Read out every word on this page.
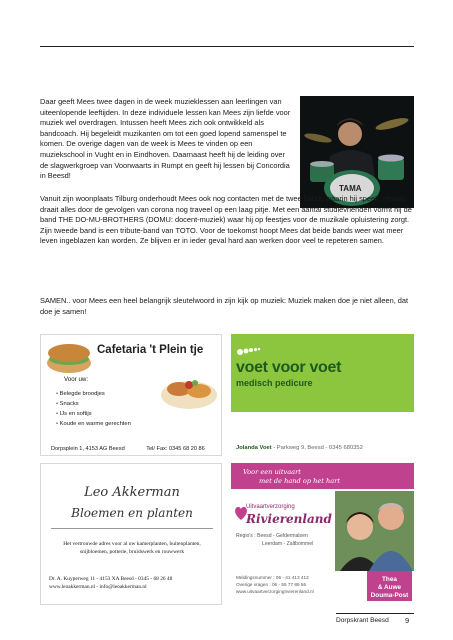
Daar geeft Mees twee dagen in de week muzieklessen aan leerlingen van uiteenlopende leeftijden. In deze individuele lessen kan Mees zijn liefde voor muziek wel overdragen. Intussen heeft Mees zich ook ontwikkeld als bandcoach. Hij begeleidt muzikanten om tot een goed lopend samenspel te komen. De overige dagen van de week is Mees te vinden op een muziekschool in Vught en in Eindhoven. Daarnaast heeft hij de leiding over de slagwerkgroep van Voorwaarts in Rumpt en geeft hij lessen bij Concordia in Beesd!

TAMA

Vanuit zijn woonplaats Tilburg onderhoudt Mees ook nog contacten met de twee bands waarin hij speelt. Helaas draait alles door de gevolgen van corona nog traveel op een laag pitje. Met een aantal studievrienden vormt hij de band THE DO-MU-BROTHERS (DOMU: docent-muziek) waar hij op feestjes voor de muzikale opluistering zorgt. Zijn tweede band is een tribute-band van TOTO. Voor de toekomst hoopt Mees dat beide bands weer wat meer leven ingeblazen kan worden. Ze blijven er in ieder geval hard aan werken door veel te repeteren samen.

SAMEN.. voor Mees een heel belangrijk sleutelwoord in zijn kijk op muziek: Muziek maken doe je niet alleen, dat doe je samen!

Cafetaria 't Plein tje
Voor uw:
• Belegde broodjes
• Snacks
• IJs en softijs
• Koude en warme gerechten
Dorpsplein 1, 4153 AG Beesd	Tel/ Fax: 0345 68 20 86
voet voor voet
medisch pedicure
Jolanda Voet - Parkweg 9, Beesd - 0345 680352
Leo Akkerman
Bloemen en planten
Het vertrouwde adres voor al uw kamerplanten, buitenplanten, snijbloemen, potterie, bruidswerk en rouwwerk
Dr. A. Kuyperweg 11 - 4153 XA Beesd - 0345 - 68 26 48
www.leoakkerman.nl - info@leoakkerman.nl
Voor een uitvaart
met de hand op het hart
Uitvaartverzorging
Rivierenland
Regio's : Beesd - Geldermalsen
Leerdam - Zaltbommel
Meldingsnummer : 06 - 41 413 412
Overige vragen : 06 - 55 77 86 56
www.uitvaartverzorgingrivierenland.nl
Thea
& Auwe
Douma-Post
Dorpskrant Beesd 9
